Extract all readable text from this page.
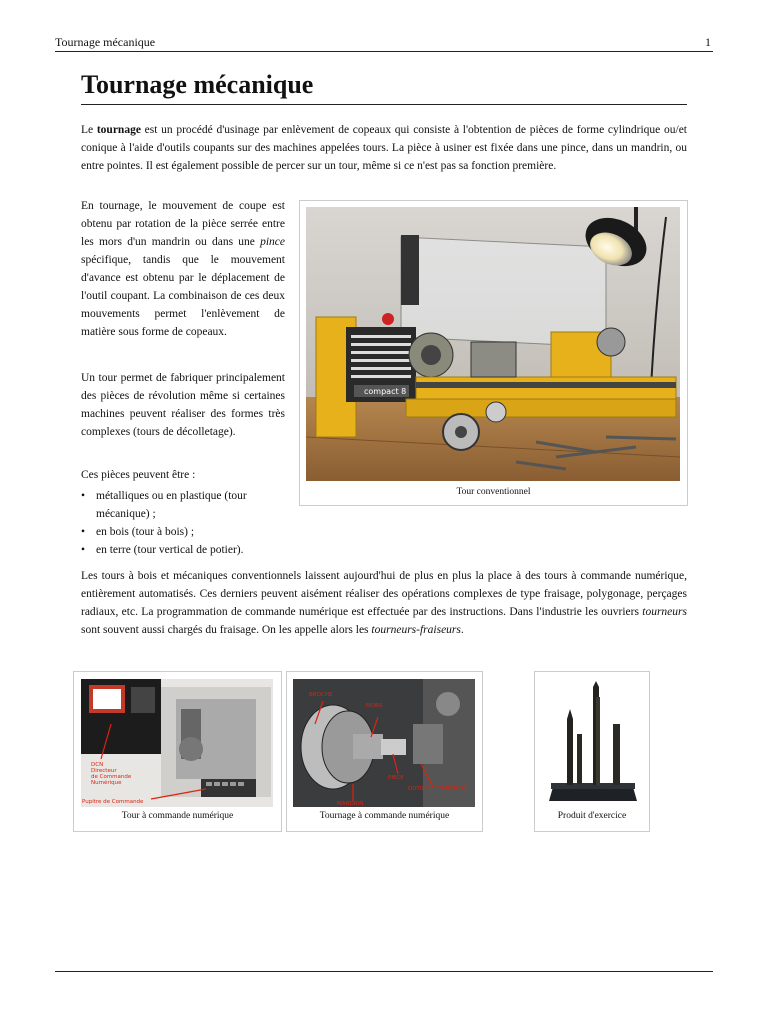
Tournage mécanique	1
Tournage mécanique

Le tournage est un procédé d'usinage par enlèvement de copeaux qui consiste à l'obtention de pièces de forme cylindrique ou/et conique à l'aide d'outils coupants sur des machines appelées tours. La pièce à usiner est fixée dans une pince, dans un mandrin, ou entre pointes. Il est également possible de percer sur un tour, même si ce n'est pas sa fonction première.

En tournage, le mouvement de coupe est obtenu par rotation de la pièce serrée entre les mors d'un mandrin ou dans une pince spécifique, tandis que le mouvement d'avance est obtenu par le déplacement de l'outil coupant. La combinaison de ces deux mouvements permet l'enlèvement de matière sous forme de copeaux.

Un tour permet de fabriquer principalement des pièces de révolution même si certaines machines peuvent réaliser des formes très complexes (tours de décolletage).

Ces pièces peuvent être :

• métalliques ou en plastique (tour mécanique) ;
• en bois (tour à bois) ;
• en terre (tour vertical de potier).
compact 8
Tour conventionnel

Les tours à bois et mécaniques conventionnels laissent aujourd'hui de plus en plus la place à des tours à commande numérique, entièrement automatisés. Ces derniers peuvent aisément réaliser des opérations complexes de type fraisage, polygonage, perçages radiaux, etc. La programmation de commande numérique est effectuée par des instructions. Dans l'industrie les ouvriers tourneurs sont souvent aussi chargés du fraisage. On les appelle alors les tourneurs-fraiseurs.

DCN
Directeur
de Commande
Numérique
Pupitre de Commande
Tour à commande numérique
BROCHE
MORS
PIECE
OUTIL DE TOURNAGE
MANDRIN
Tournage à commande numérique	Produit d'exercice
